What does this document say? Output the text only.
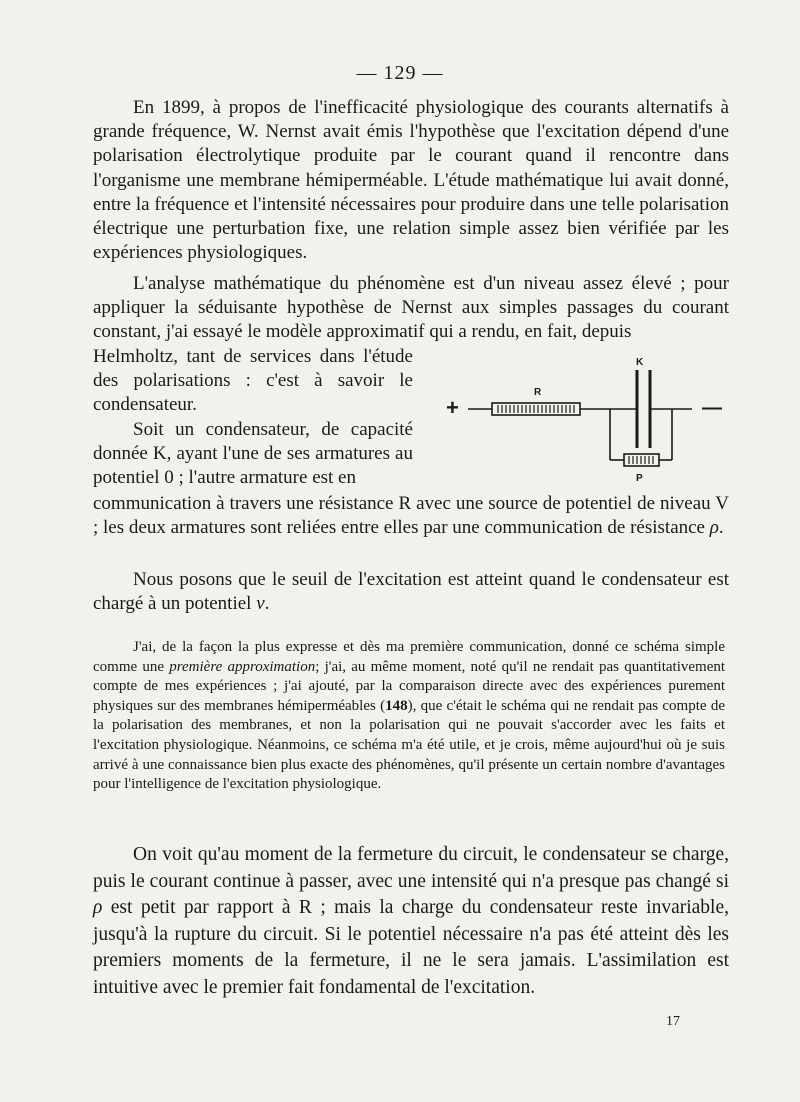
— 129 —

En 1899, à propos de l'inefficacité physiologique des courants alternatifs à grande fréquence, W. Nernst avait émis l'hypothèse que l'excitation dépend d'une polarisation électrolytique produite par le courant quand il rencontre dans l'organisme une membrane hémiperméable. L'étude mathématique lui avait donné, entre la fréquence et l'intensité nécessaires pour produire dans une telle polarisation électrique une perturbation fixe, une relation simple assez bien vérifiée par les expériences physiologiques.

L'analyse mathématique du phénomène est d'un niveau assez élevé ; pour appliquer la séduisante hypothèse de Nernst aux simples passages du courant constant, j'ai essayé le modèle approximatif qui a rendu, en fait, depuis

Helmholtz, tant de services dans l'étude des polarisations : c'est à savoir le condensateur.

Soit un condensateur, de capacité donnée K, ayant l'une de ses armatures au potentiel 0 ; l'autre armature est en

+	—
K
R
P

communication à travers une résistance R avec une source de potentiel de niveau V ; les deux armatures sont reliées entre elles par une communication de résistance ρ.

Nous posons que le seuil de l'excitation est atteint quand le condensateur est chargé à un potentiel v.

J'ai, de la façon la plus expresse et dès ma première communication, donné ce schéma simple comme une première approximation; j'ai, au même moment, noté qu'il ne rendait pas quantitativement compte de mes expériences ; j'ai ajouté, par la comparaison directe avec des expériences purement physiques sur des membranes hémiperméables (148), que c'était le schéma qui ne rendait pas compte de la polarisation des membranes, et non la polarisation qui ne pouvait s'accorder avec les faits et l'excitation physiologique. Néanmoins, ce schéma m'a été utile, et je crois, même aujourd'hui où je suis arrivé à une connaissance bien plus exacte des phénomènes, qu'il présente un certain nombre d'avantages pour l'intelligence de l'excitation physiologique.

On voit qu'au moment de la fermeture du circuit, le condensateur se charge, puis le courant continue à passer, avec une intensité qui n'a presque pas changé si ρ est petit par rapport à R ; mais la charge du condensateur reste invariable, jusqu'à la rupture du circuit. Si le potentiel nécessaire n'a pas été atteint dès les premiers moments de la fermeture, il ne le sera jamais. L'assimilation est intuitive avec le premier fait fondamental de l'excitation.

17
